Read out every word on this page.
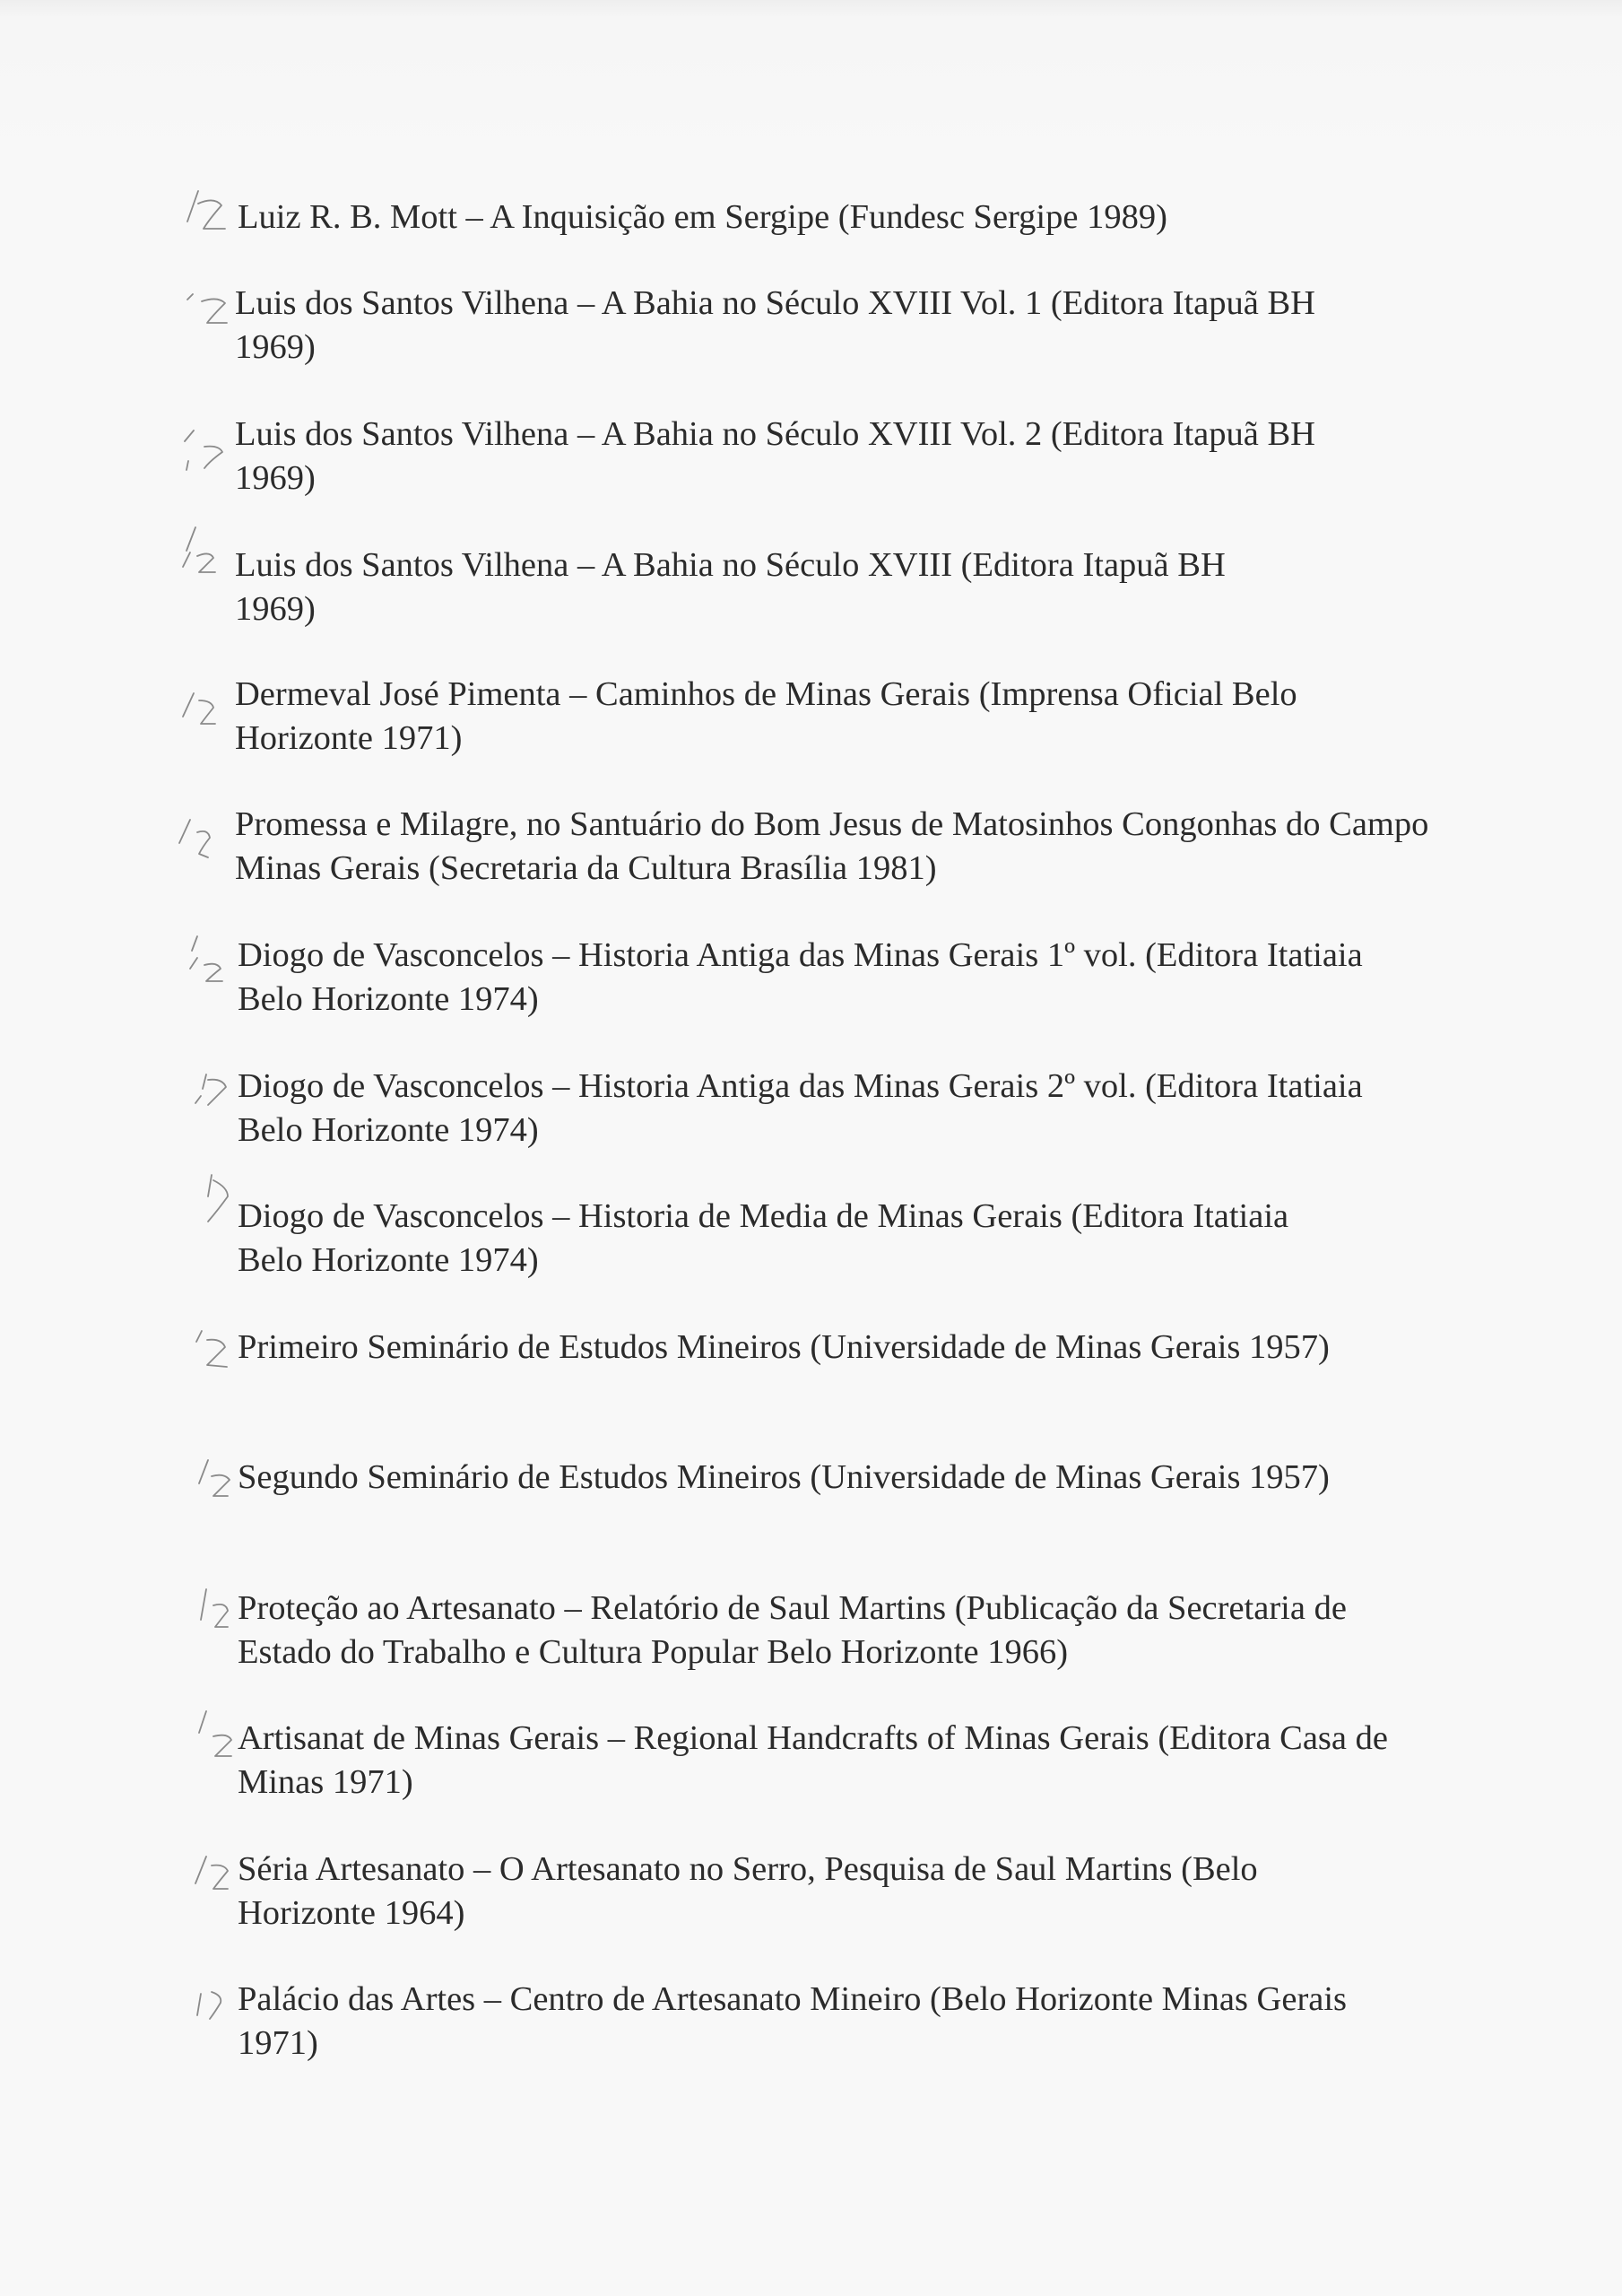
Luiz R. B. Mott – A Inquisição em Sergipe (Fundesc Sergipe 1989)
Luis dos Santos Vilhena – A Bahia no Século XVIII Vol. 1 (Editora Itapuã BH 1969)
Luis dos Santos Vilhena – A Bahia no Século XVIII Vol. 2 (Editora Itapuã BH 1969)
Luis dos Santos Vilhena – A Bahia no Século XVIII (Editora Itapuã BH 1969)
Dermeval José Pimenta – Caminhos de Minas Gerais (Imprensa Oficial Belo Horizonte 1971)
Promessa e Milagre, no Santuário do Bom Jesus de Matosinhos Congonhas do Campo Minas Gerais (Secretaria da Cultura Brasília 1981)
Diogo de Vasconcelos – Historia Antiga das Minas Gerais 1º vol. (Editora Itatiaia Belo Horizonte 1974)
Diogo de Vasconcelos – Historia Antiga das Minas Gerais 2º vol. (Editora Itatiaia Belo Horizonte 1974)
Diogo de Vasconcelos – Historia de Media de Minas Gerais (Editora Itatiaia Belo Horizonte 1974)
Primeiro Seminário de Estudos Mineiros (Universidade de Minas Gerais 1957)
Segundo Seminário de Estudos Mineiros (Universidade de Minas Gerais 1957)
Proteção ao Artesanato – Relatório de Saul Martins (Publicação da Secretaria de Estado do Trabalho e Cultura Popular Belo Horizonte 1966)
Artisanat de Minas Gerais – Regional Handcrafts of Minas Gerais (Editora Casa de Minas 1971)
Séria Artesanato – O Artesanato no Serro, Pesquisa de Saul Martins (Belo Horizonte 1964)
Palácio das Artes – Centro de Artesanato Mineiro (Belo Horizonte Minas Gerais 1971)
